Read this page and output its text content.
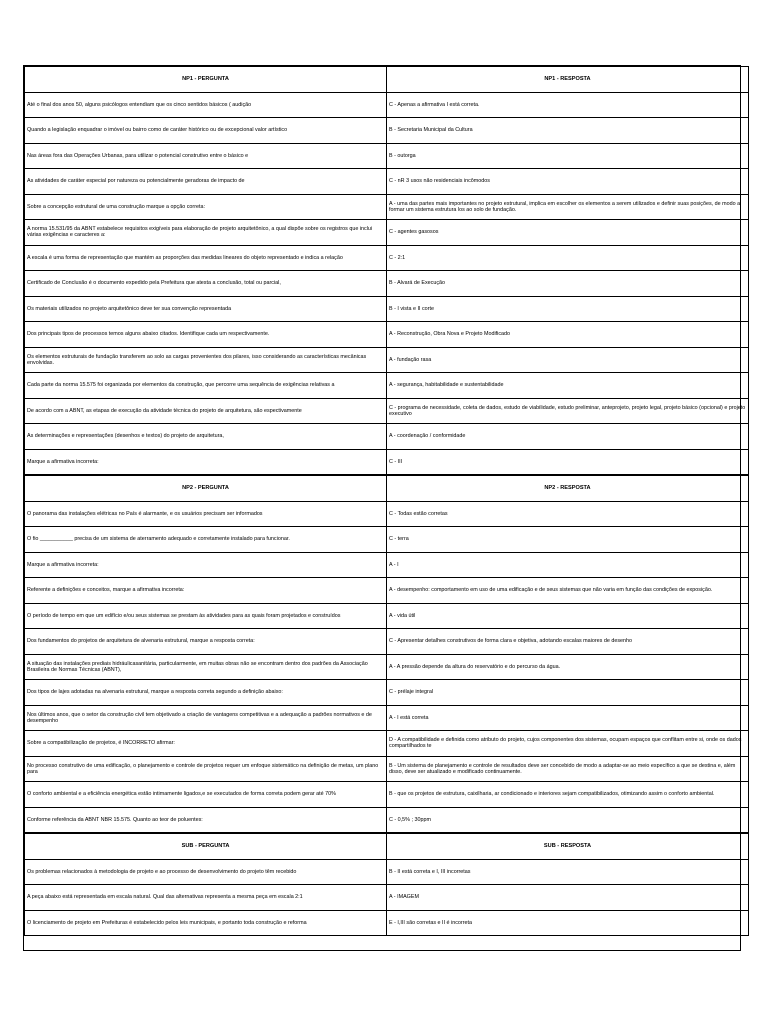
NP1 - PERGUNTA	NP1 - RESPOSTA
Até o final dos anos 50, alguns psicólogos entendiam que os cinco sentidos básicos ( audição	C - Apenas a afirmativa I está correta.
Quando a legislação enquadrar o imóvel ou bairro como de caráter histórico ou de excepcional valor artístico	B - Secretaria Municipal da Cultura
Nas áreas fora das Operações Urbanas, para utilizar o potencial construtivo entre o básico e	B - outorga
As atividades de caráter especial por natureza ou potencialmente geradoras de impacto de	C - nR 3 usos não residenciais incômodos
Sobre a concepção estrutural de uma construção marque a opção correta:	A - uma das partes mais importantes no projeto estrutural, implica em escolher os elementos a serem utilizados e definir suas posições, de modo a formar um sistema estrutura los ao solo de fundação.
A norma 15.531/95 da ABNT estabelece requisitos exigíveis para elaboração de projeto arquitetônico, a qual dispõe sobre os registros que inclui várias exigências e caracteres a:	C - agentes gasosos
A escala é uma forma de representação que mantém as proporções das medidas lineares do objeto representado e indica a relação	C - 2:1
Certificado de Conclusão é o documento expedido pela Prefeitura que atesta a conclusão, total ou parcial,	B - Alvará de Execução
Os materiais utilizados no projeto arquitetônico deve ter sua convenção representada	B - I vista e II corte
Dos principais tipos de processos temos alguns abaixo citados. Identifique cada um respectivamente.	A - Reconstrução, Obra Nova e Projeto Modificado
Os elementos estruturais de fundação transferem ao solo as cargas provenientes dos pilares, isso considerando as características mecânicas envolvidas.	A - fundação rasa
Cada parte da norma 15.575 foi organizada por elementos da construção, que percorre uma sequência de exigências relativas a	A - segurança, habitabilidade e sustentabilidade
De acordo com a ABNT, as etapas de execução da atividade técnica do projeto de arquitetura, são espectivamente	C - programa de necessidade, coleta de dados, estudo de viabilidade, estudo preliminar, anteprojeto, projeto legal, projeto básico (opcional) e projeto executivo
As determinações e representações (desenhos e textos) do projeto de arquitetura,	A - coordenação / conformidade
Marque a afirmativa incorreta:	C - III
NP2 - PERGUNTA	NP2 - RESPOSTA
O panorama das instalações elétricas no País é alarmante, e os usuários precisam ser informados	C - Todas estão corretas
O fio ___________ precisa de um sistema de aterramento adequado e corretamente instalado para funcionar.	C - terra
Marque a afirmativa incorreta:	A - I
Referente a definições e conceitos, marque a afirmativa incorreta:	A - desempenho: comportamento em uso de uma edificação e de seus sistemas que não varia em função das condições de exposição.
O período de tempo em que um edifício e/ou seus sistemas se prestam às atividades para as quais foram projetados e construídos	A - vida útil
Dos fundamentos do projetos de arquitetura de alvenaria estrutural, marque a resposta correta:	C - Apresentar detalhes construtivos de forma clara e objetiva, adotando escalas maiores de desenho
A situação das instalações prediais hidráulicasanitária, particularmente, em muitas obras não se encontram dentro dos padrões da Associação Brasileira de Normas Técnicas (ABNT),	A - A pressão depende da altura do reservatório e do percurso da água.
Dos tipos de lajes adotadas na alvenaria estrutural, marque a resposta correta segundo a definição abaixo:	C - prélaje integral
Nos últimos anos, que o setor da construção civil tem objetivado a criação de vantagens competitivas e a adequação a padrões normativos e de desempenho	A - I está correta
Sobre a compatibilização de projetos, é INCORRETO afirmar:	D - A compatibilidade e definida como atributo do projeto, cujos componentes dos sistemas, ocupam espaços que conflitam entre si, onde os dados compartilhados te
No processo construtivo de uma edificação, o planejamento e controle de projetos requer um enfoque sistemático na definição de metas, um plano para	B - Um sistema de planejamento e controle de resultados deve ser concebido de modo a adaptar-se ao meio específico a que se destina e, além disso, deve ser atualizado e modificado continuamente.
O conforto ambiental e a eficiência energética estão intimamente ligados,e se executados de forma correta podem gerar até 70%	B - que os projetos de estrutura, caixilharia, ar condicionado e interiores sejam compatibilizados, otimizando assim o conforto ambiental.
Conforme referência da ABNT NBR 15.575. Quanto ao teor de poluentes:	C - 0,5% ; 30ppm
SUB - PERGUNTA	SUB - RESPOSTA
Os problemas relacionados à metodologia de projeto e ao processo de desenvolvimento do projeto têm recebido	B - II está correta e I, III incorretas
A peça abaixo está representada em escala natural. Qual das alternativas representa a mesma peça em escala 2:1	A - IMAGEM
O licenciamento de projeto em Prefeituras é estabelecido pelos leis municipais, e portanto toda construção e reforma	E - I,III são corretas e II é incorreta
